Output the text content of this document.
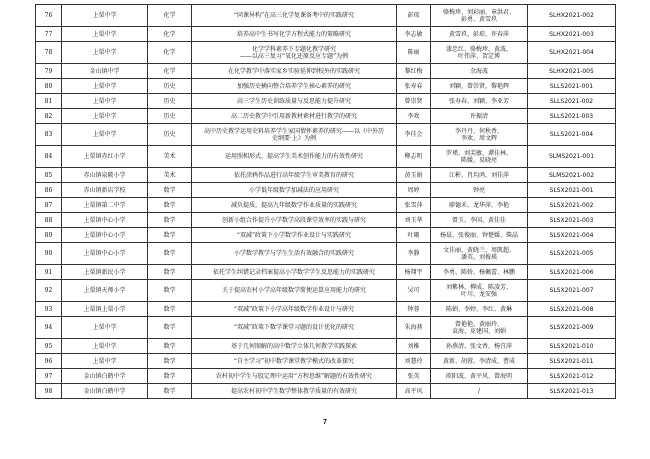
76	上栗中学	化学	“同课异构”在高三化学复课备考中的实践研究	彭琼	骆梅珍、刘彩丽、章洪君、
彭勇、黄雪玖	SLHX2021-002
77	上栗中学	化学	培养高中生书写化学方程式能力的策略研究	李志敏	黄雪玖、彭琼、许春萍	SLHX2021-003
78	上栗中学	化学	化学学科素养下专题化教学研究
——以高三复习“氧化还原反应专题”为例	陈丽	漆忠红、骆梅珍、黄波、
叶伟萍、贺定博	SLHX2021-004
79	金山镇中学	化学	在化学教学中落实家乡实验延伸到校外的实践研究	黎红梅	余海波	SLHX2021-005
80	上栗中学	历史	加强历史横向整合培养学生核心素养的研究	张寿春	刘颖、曾崇贤、黎艳辉	SLLS2021-001
81	上栗中学	历史	高三学生历史训练质量与反思能力提升研究	曾崇贤	张寿春、刘颖、李亚芳	SLLS2021-002
82	上栗中学	历史	高二历史教学中引用新教材素材进行教学的研究	李欢	许振清	SLLS2021-003
83	上栗中学	历史	高中历史教学运用史料培养学生家国情怀素养的研究——以《中外历
史纲要·上》为例	李佳会	李丹丹、何秋香、
李欢、周文辉	SLLS2021-004
84	上栗镇赤红小学	美术	运用照相形式，提高学生美术创作能力的有效性研究	柳志明	罗瑾、刘芙敏、谭佳林、
陈媛、易晓亮	SLMS2021-001
85	赤山镇泉陂小学	美术	依托涂鸦作品进行高年级学生审美教育的研究	黄玉娟	江彬、肖均鸿、刘佳萍	SLMS2021-002
86	赤山镇新店学校	数学	小学低年级数学加减法的应用研究	周婷	钟亮	SLSX2021-001
87	上栗镇第二中学	数学	减负提质，提高九年级数学作业质量的实践研究	张雪萍	廖德禾、龙华萍、李艳	SLSX2021-002
88	上栗镇中心小学	数学	创新小组合作提升小学数学高段课堂效率的实践与研究	刘玉华	曾玉、李国、黄佳佳	SLSX2021-003
89	上栗镇中心小学	数学	“双减”政策下小学数学作业设计与实践研究	叶珊	杨晨、张俊丽、钟楚媛、柴晶	SLSX2021-004
90	上栗镇中心小学	数学	小学数学教学与学生生活有效融合的实践研究	李静	文佳丽、黄晓兰、周凯超、
潘英、刘俊瑛	SLSX2021-005
91	上栗镇新民小学	数学	依托学生纠错记录档案提高小学数学学生反思能力的实践研究	杨翔宇	李勇、陈娇、杨佩蕾、林鹏	SLSX2021-006
92	上栗镇天师小学	数学	关于提高农村小学高年级数学简便运算应用能力的研究	吴可	刘紫林、柳成、陈凌芳、
叶川、龙安强	SLSX2021-007
93	上栗镇上栗小学	数学	“双减”政策下小学高年级数学作业设计与研究	钟蓉	陈娟、李婷、李红、黄琳	SLSX2021-008
94	上栗中学	数学	“双减”政策下数学课堂习题的设计优化的研究	朱海燕	曾艳艳、黄丽玲、
袁海、皮建国、刘娟	SLSX2021-009
95	上栗中学	数学	基于几何图解的高中数学立体几何教学实践探索	刘稚	孙燕清、张文香、杨宜萍	SLSX2021-010
96	上栗中学	数学	“自主学习”初中数学课堂教学模式的改革探究	刘慧玲	黄新、胡蓉、李清成、曹成	SLSX2021-011
97	金山镇白鹤中学	数学	农村初中学生与股定理中运用“方程思维”解题的有效性研究	张英	欧阳波、黄平风、曾海明	SLSX2021-012
98	金山镇白鹤中学	数学	提高农村初中学生数学整体教学质量的有效研究	高平风	/	SLSX2021-013
7
